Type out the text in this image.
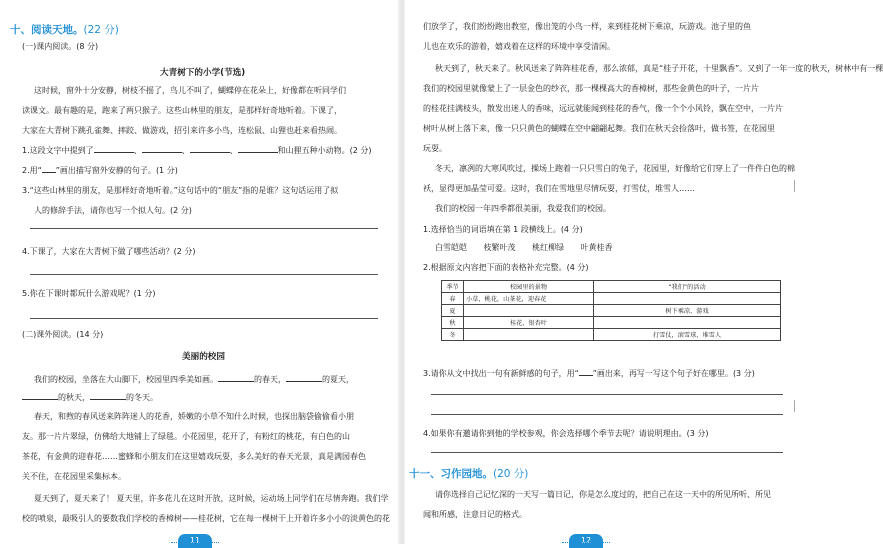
十、阅读天地。(22 分)
(一)课内阅读。(8 分)
大青树下的小学(节选)
这时候，窗外十分安静，树枝不摇了，鸟儿不叫了，蝴蝶停在花朵上，好像都在听同学们
读课文。最有趣的是，跑来了两只猴子。这些山林里的朋友，是那样好奇地听着。下课了，
大家在大青树下跳孔雀舞、摔跤、做游戏，招引来许多小鸟，连松鼠、山狸也赶来看热闹。
1.这段文字中提到了	、	、	、	和山狸五种小动物。(2 分)
2.用“ ”画出描写窗外安静的句子。(1 分)
3.“这些山林里的朋友，是那样好奇地听着。”这句话中的“朋友”指的是谁？这句话运用了拟
人的修辞手法，请你也写一个拟人句。(2 分)
4.下课了，大家在大青树下做了哪些活动？(2 分)
5.你在下课时都玩什么游戏呢？(1 分)
(二)课外阅读。(14 分)
美丽的校园
我们的校园，坐落在大山脚下，校园里四季美如画。	的春天，	的夏天，
的秋天，	的冬天。
春天，和煦的春风送来阵阵迷人的花香，娇嫩的小草不知什么时候，也探出脑袋偷偷看小朋
友。那一片片翠绿，仿佛给大地铺上了绿毯。小花园里，花开了，有粉红的桃花，有白色的山
茶花，有金黄的迎春花……蜜蜂和小朋友们在这里嬉戏玩耍，多么美好的春天光景，真是满园春色
关不住，在花园里采集标本。
夏天到了，夏天来了！ 夏天里，许多花儿在这时开放，这时候，运动场上同学们在尽情奔跑。我们学
校的喷泉，最吸引人的要数我们学校的香樟树——桂花树，它在每一棵树干上开着许多小小的淡黄色的花
11
们放学了，我们纷纷跑出教室，像出笼的小鸟一样，来到桂花树下乘凉，玩游戏。池子里的鱼
儿也在欢乐的游着，嬉戏着在这样的环境中享受清闲。
秋天到了，秋天来了。秋风送来了阵阵桂花香，那么浓郁，真是“桂子开花，十里飘香”。又到了一年一度的秋天，树林中有一棵
我们的校园里就像蒙上了一层金色的纱衣，那一棵棵高大的香樟树，那些金黄色的叶子，一片片
的桂花挂满枝头，散发出迷人的香味，远远就能闻到桂花的香气，像一个个小风铃，飘在空中，一片片
树叶从树上落下来，像一只只黄色的蝴蝶在空中翩翩起舞。我们在秋天会捡落叶，做书签，在花园里
玩耍。
冬天，凛冽的大寒风吹过，操场上跑着一只只雪白的兔子，花园里，好像给它们穿上了一件件白色的棉
袄，显得更加晶莹可爱。这时，我们在雪地里尽情玩耍，打雪仗，堆雪人……
我们的校园一年四季都很美丽，我爱我们的校园。
1.选择恰当的词语填在第 1 段横线上。(4 分)
白雪皑皑 枝繁叶茂 桃红柳绿 叶黄桂香
2.根据原文内容把下面的表格补充完整。(4 分)
季节	校园里的景物	“我们”的活动
春	小草，桃花，山茶花，迎春花	
夏		树下乘凉，游戏
秋	桂花，银杏叶	
冬		打雪仗，滚雪球，堆雪人
3.请你从文中找出一句有新鲜感的句子，用“ ”画出来，再写一写这个句子好在哪里。(3 分)
4.如果你有邀请你到他的学校参观，你会选择哪个季节去呢？请说明理由。(3 分)
十一、习作园地。(20 分)
请你选择自己记忆深的一天写一篇日记，你是怎么度过的，把自己在这一天中的所见所听、所见
闻和所感，注意日记的格式。
12
